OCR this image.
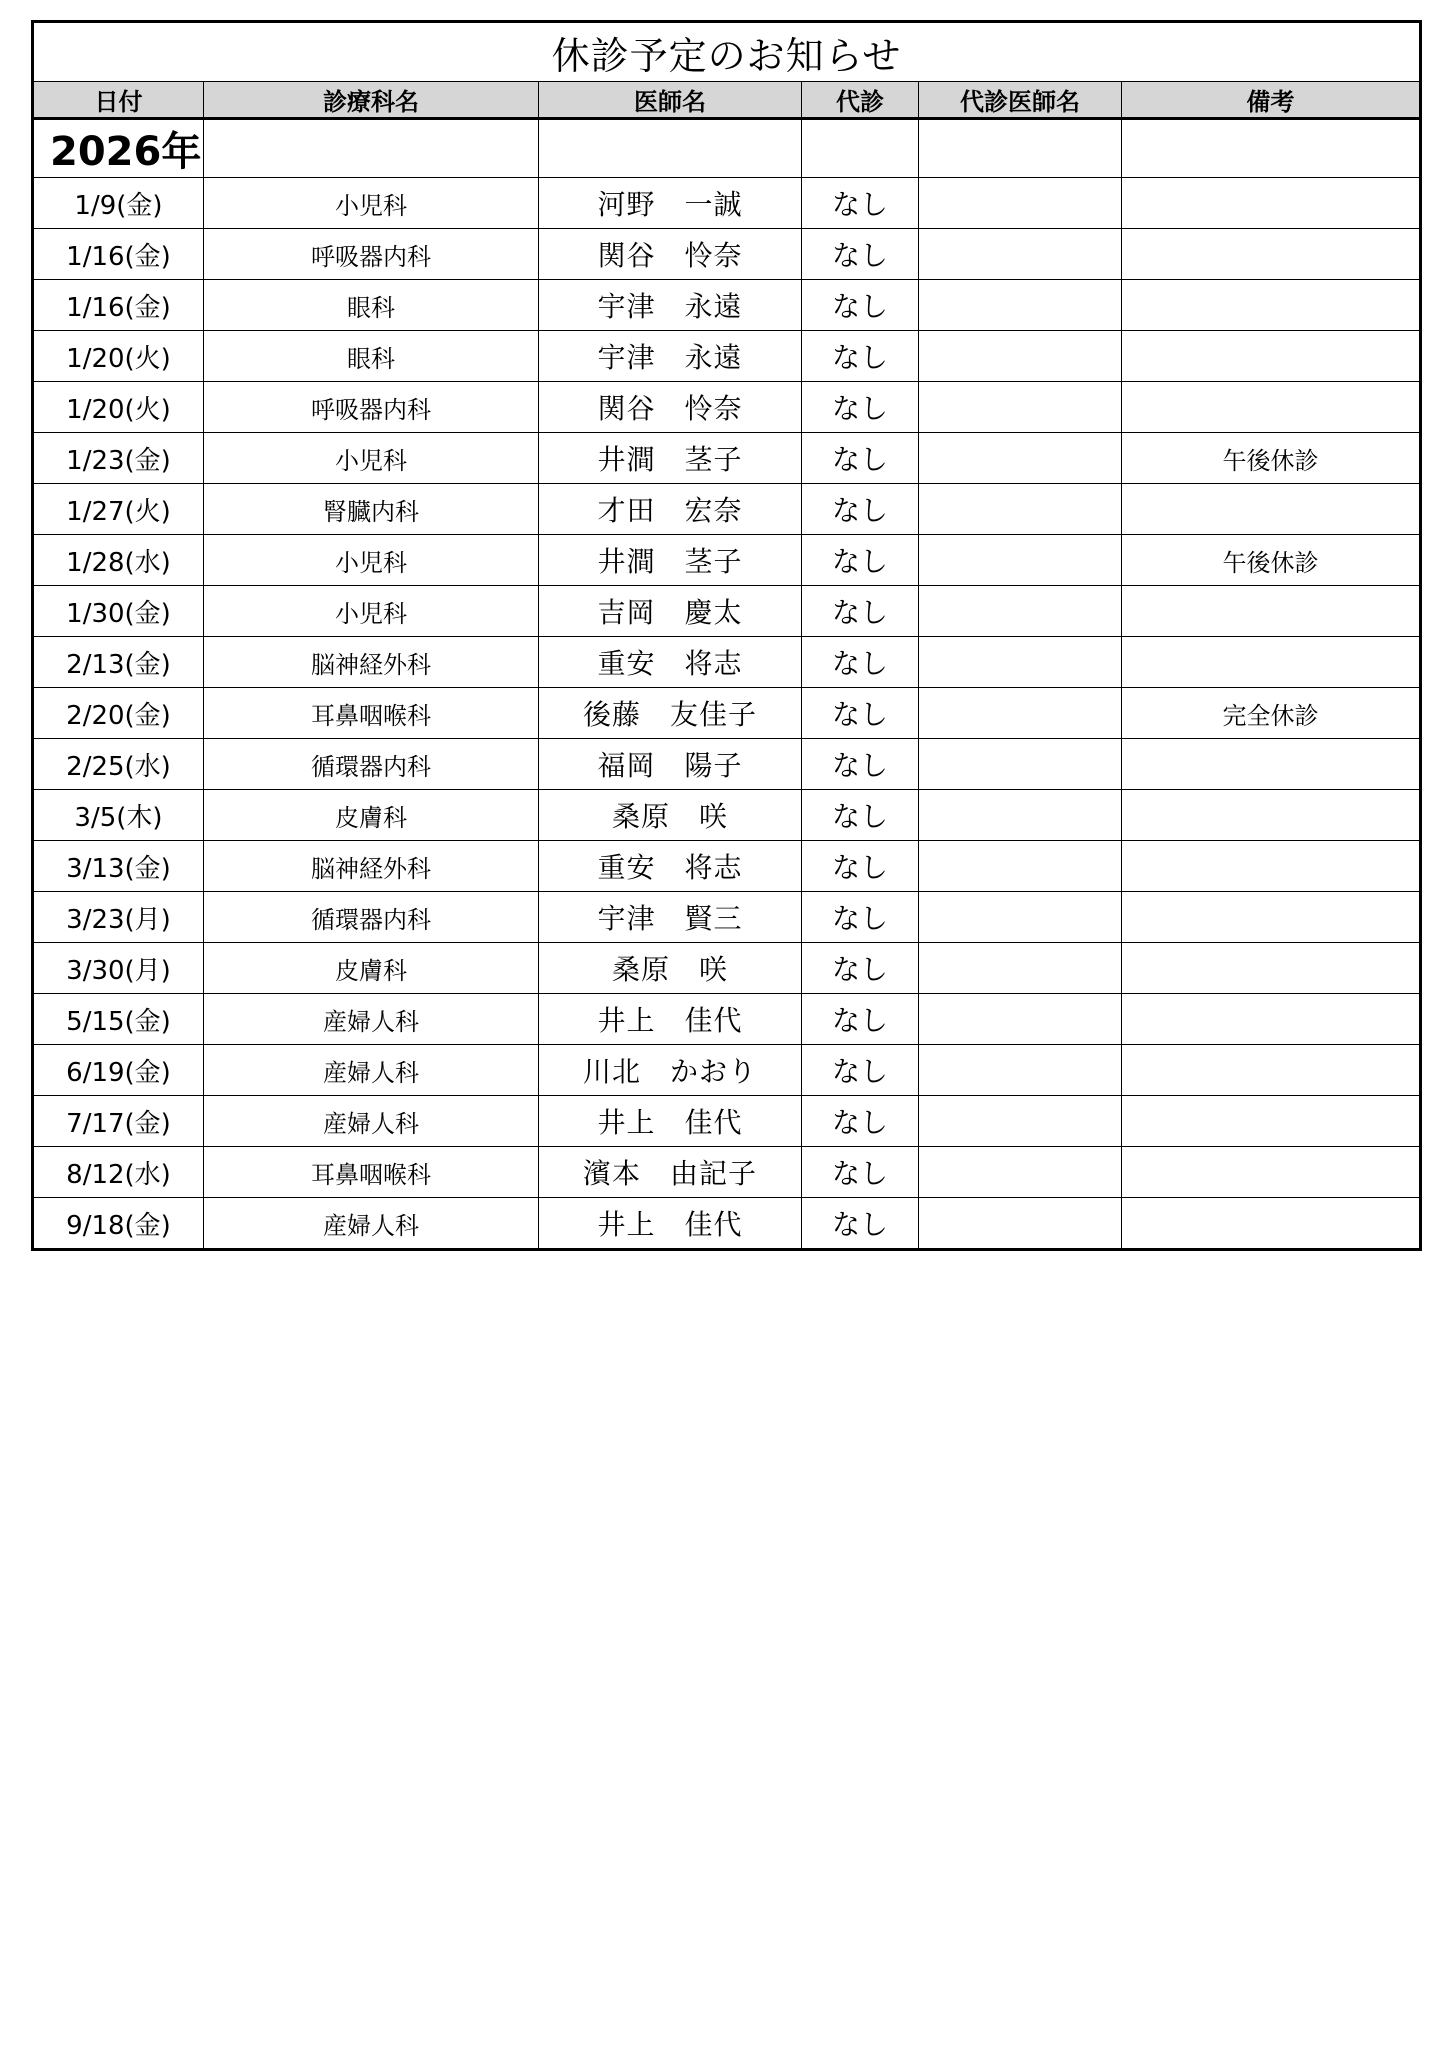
休診予定のお知らせ					
日付	診療科名	医師名	代診	代診医師名	備考
2026年					
1/9(金)	小児科	河野　一誠	なし		
1/16(金)	呼吸器内科	関谷　怜奈	なし		
1/16(金)	眼科	宇津　永遠	なし		
1/20(火)	眼科	宇津　永遠	なし		
1/20(火)	呼吸器内科	関谷　怜奈	なし		
1/23(金)	小児科	井澗　茎子	なし		午後休診
1/27(火)	腎臓内科	才田　宏奈	なし		
1/28(水)	小児科	井澗　茎子	なし		午後休診
1/30(金)	小児科	吉岡　慶太	なし		
2/13(金)	脳神経外科	重安　将志	なし		
2/20(金)	耳鼻咽喉科	後藤　友佳子	なし		完全休診
2/25(水)	循環器内科	福岡　陽子	なし		
3/5(木)	皮膚科	桑原　咲	なし		
3/13(金)	脳神経外科	重安　将志	なし		
3/23(月)	循環器内科	宇津　賢三	なし		
3/30(月)	皮膚科	桑原　咲	なし		
5/15(金)	産婦人科	井上　佳代	なし		
6/19(金)	産婦人科	川北　かおり	なし		
7/17(金)	産婦人科	井上　佳代	なし		
8/12(水)	耳鼻咽喉科	濱本　由記子	なし		
9/18(金)	産婦人科	井上　佳代	なし		
